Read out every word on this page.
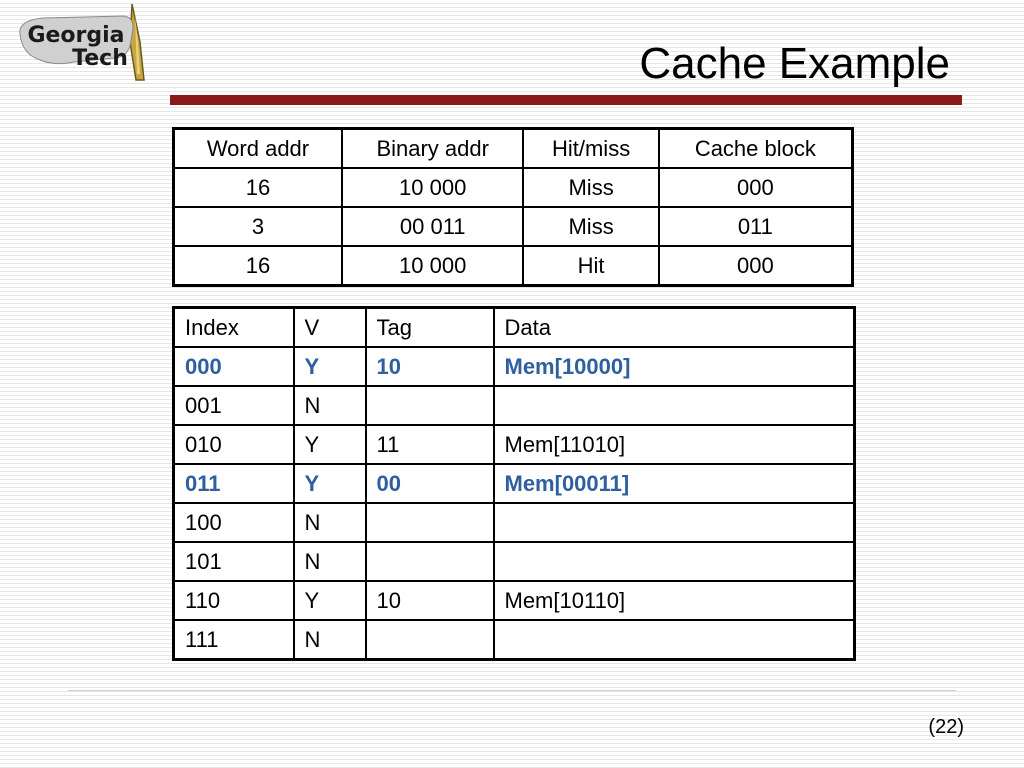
Georgia
Tech	Cache Example
Word addr	Binary addr	Hit/miss	Cache block
16	10 000	Miss	000
3	00 011	Miss	011
16	10 000	Hit	000
Index	V	Tag	Data
000	Y	10	Mem[10000]
001	N		
010	Y	11	Mem[11010]
011	Y	00	Mem[00011]
100	N		
101	N		
110	Y	10	Mem[10110]
111	N		
(22)
